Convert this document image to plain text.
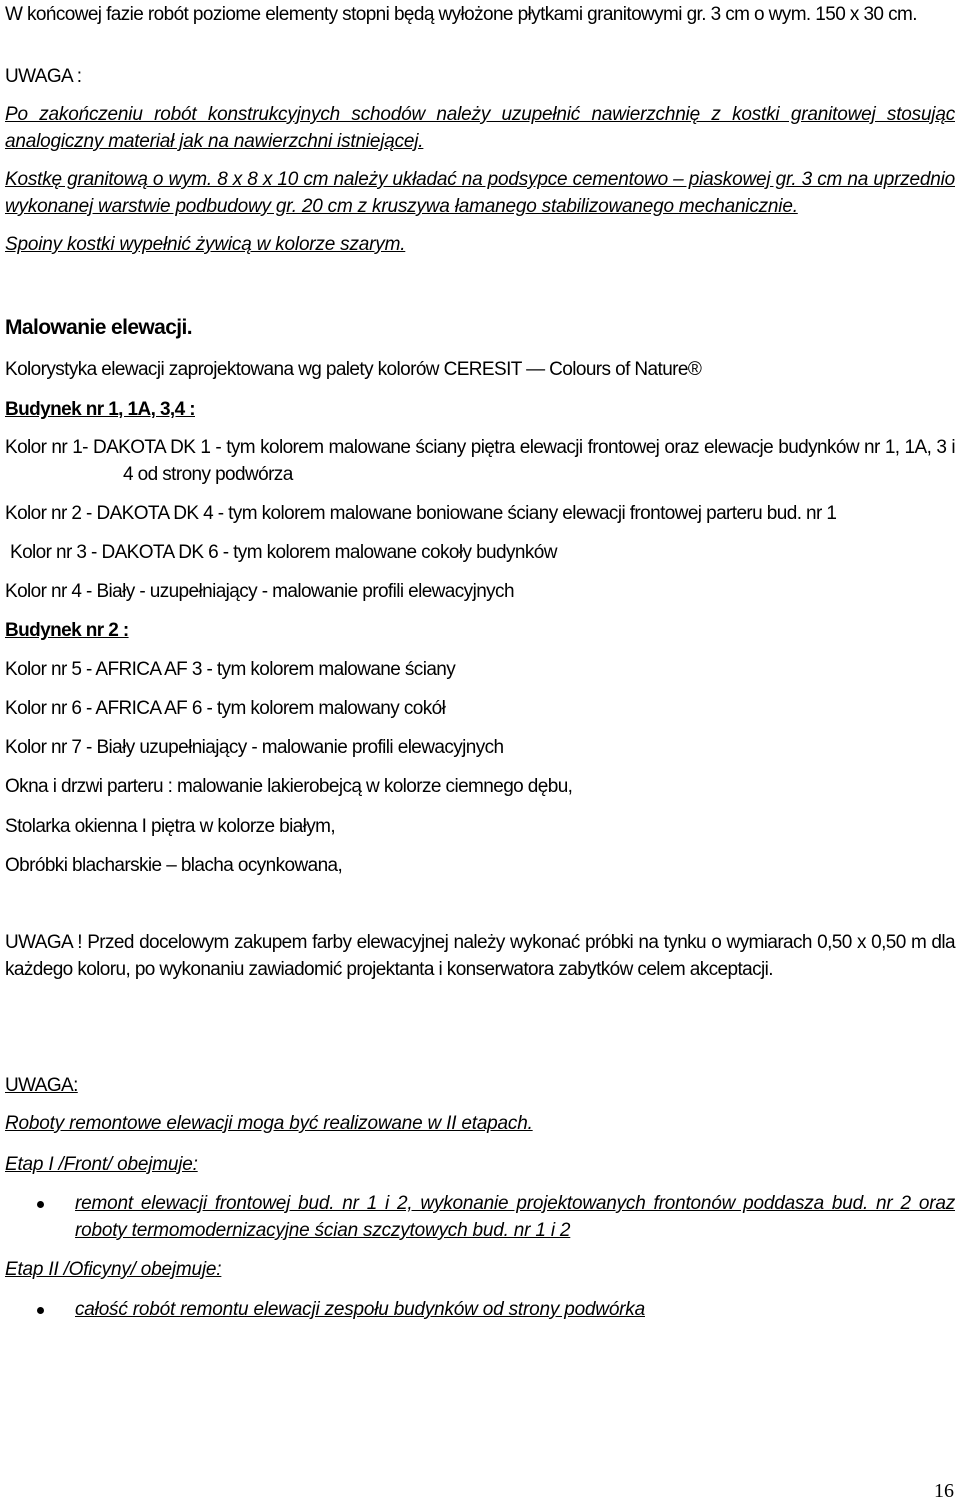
W końcowej fazie robót poziome elementy stopni będą wyłożone płytkami granitowymi gr. 3 cm o wym. 150 x 30 cm.

UWAGA :

Po zakończeniu robót konstrukcyjnych schodów należy uzupełnić nawierzchnię z kostki granitowej stosując analogiczny materiał jak na nawierzchni istniejącej.

Kostkę granitową o wym. 8 x 8 x 10 cm należy układać na podsypce cementowo – piaskowej gr. 3 cm na uprzednio wykonanej warstwie podbudowy gr. 20 cm z kruszywa łamanego stabilizowanego mechanicznie.

Spoiny kostki wypełnić żywicą w kolorze szarym.

Malowanie elewacji.

Kolorystyka elewacji zaprojektowana wg palety kolorów CERESIT — Colours of Nature®

Budynek nr 1, 1A, 3,4 :

Kolor nr 1- DAKOTA DK 1 - tym kolorem malowane ściany piętra elewacji frontowej oraz elewacje budynków nr 1, 1A, 3 i 4 od strony podwórza
Kolor nr 2 - DAKOTA DK 4 - tym kolorem malowane boniowane ściany elewacji frontowej parteru bud. nr 1
Kolor nr 3 - DAKOTA DK 6 - tym kolorem malowane cokoły budynków
Kolor nr 4 - Biały - uzupełniający - malowanie profili elewacyjnych

Budynek nr 2 :

Kolor nr 5 - AFRICA AF 3 - tym kolorem malowane ściany
Kolor nr 6 - AFRICA AF 6 - tym kolorem malowany cokół
Kolor nr 7 - Biały uzupełniający - malowanie profili elewacyjnych

Okna i drzwi parteru : malowanie lakierobejcą w kolorze ciemnego dębu,

Stolarka okienna I piętra w kolorze białym,

Obróbki blacharskie – blacha ocynkowana,

UWAGA ! Przed docelowym zakupem farby elewacyjnej należy wykonać próbki na tynku o wymiarach 0,50 x 0,50 m dla każdego koloru, po wykonaniu zawiadomić projektanta i konserwatora zabytków celem akceptacji.

UWAGA:

Roboty remontowe elewacji moga być realizowane w II etapach.

Etap I /Front/ obejmuje:

remont elewacji frontowej bud. nr 1 i 2, wykonanie projektowanych frontonów poddasza bud. nr 2 oraz roboty termomodernizacyjne ścian szczytowych bud. nr 1 i 2

Etap II /Oficyny/ obejmuje:

całość robót remontu elewacji zespołu budynków od strony podwórka
16
